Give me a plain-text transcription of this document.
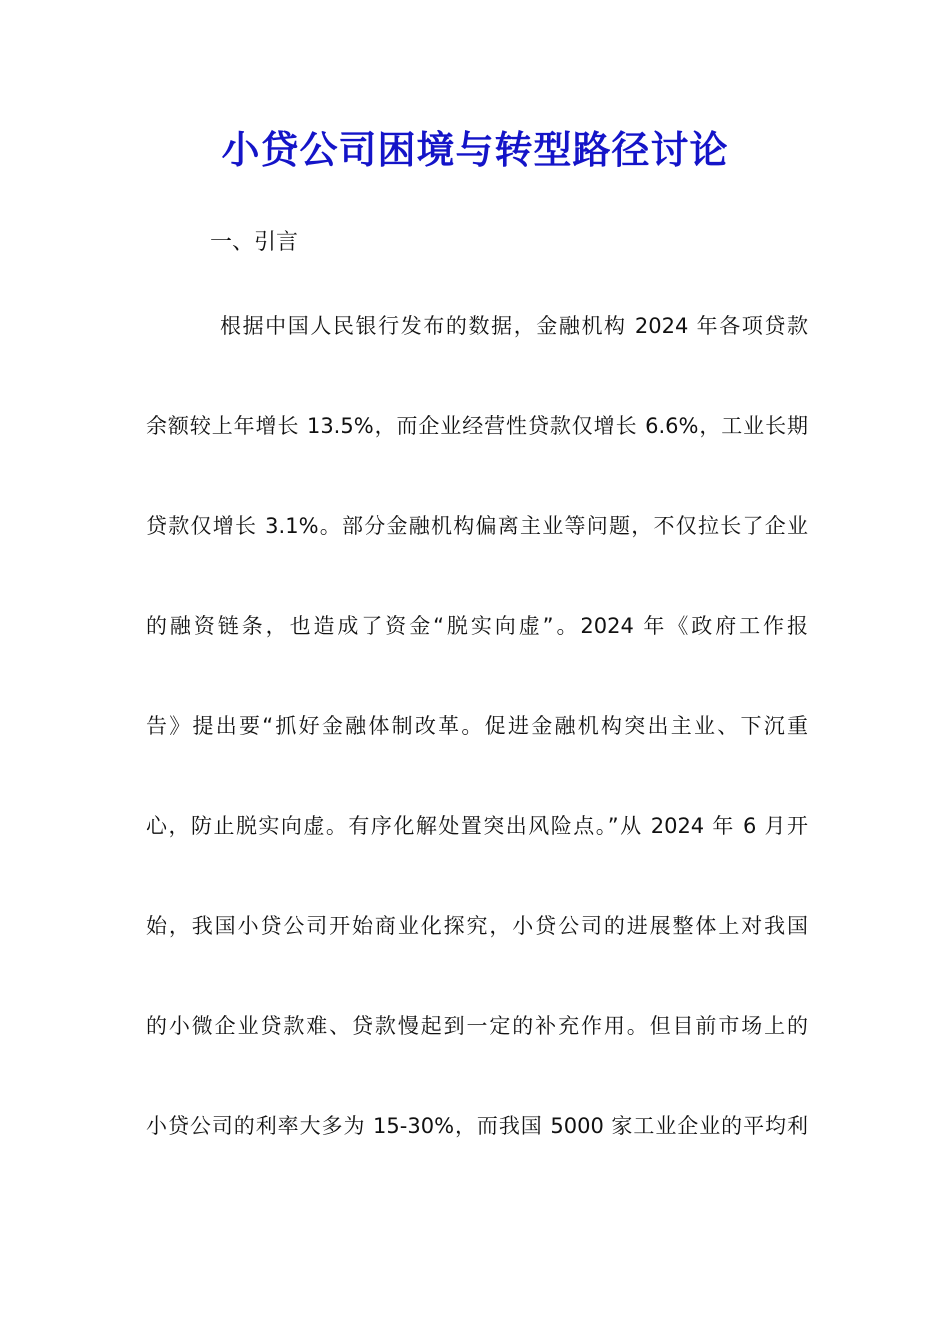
小贷公司困境与转型路径讨论
一、引言
根据中国人民银行发布的数据，金融机构 2024 年各项贷款
余额较上年增长 13.5%，而企业经营性贷款仅增长 6.6%，工业长期
贷款仅增长 3.1%。部分金融机构偏离主业等问题，不仅拉长了企业
的融资链条，也造成了资金“脱实向虚”。2024 年《政府工作报
告》提出要“抓好金融体制改革。促进金融机构突出主业、下沉重
心，防止脱实向虚。有序化解处置突出风险点。”从 2024 年 6 月开
始，我国小贷公司开始商业化探究，小贷公司的进展整体上对我国
的小微企业贷款难、贷款慢起到一定的补充作用。但目前市场上的
小贷公司的利率大多为 15-30%，而我国 5000 家工业企业的平均利
